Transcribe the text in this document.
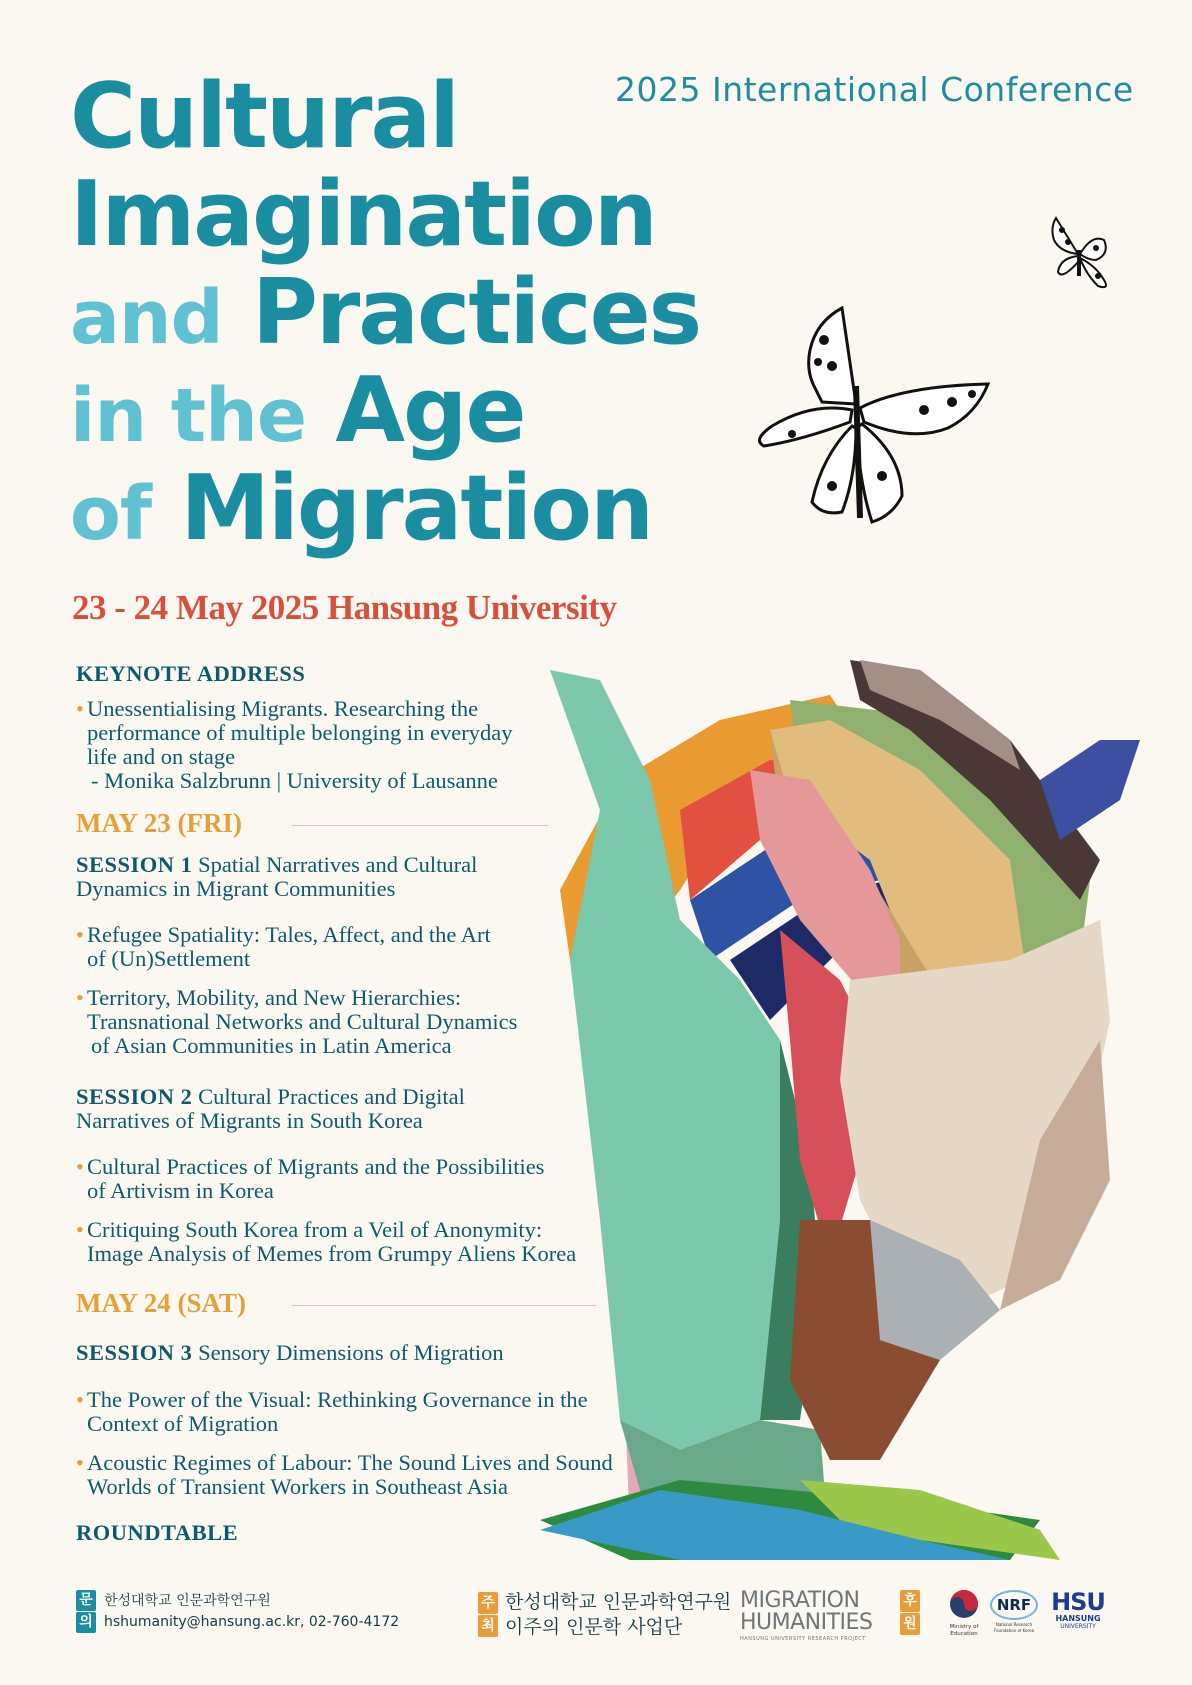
2025 International Conference
Cultural
Imagination
and Practices
in the Age
of Migration
23 - 24 May 2025 Hansung University
KEYNOTE ADDRESS
• Unessentialising Migrants. Researching the
performance of multiple belonging in everyday
life and on stage
- Monika Salzbrunn | University of Lausanne
MAY 23 (FRI)
SESSION 1 Spatial Narratives and Cultural
Dynamics in Migrant Communities
• Refugee Spatiality: Tales, Affect, and the Art
of (Un)Settlement
• Territory, Mobility, and New Hierarchies:
Transnational Networks and Cultural Dynamics
of Asian Communities in Latin America
SESSION 2 Cultural Practices and Digital
Narratives of Migrants in South Korea
• Cultural Practices of Migrants and the Possibilities
of Artivism in Korea
• Critiquing South Korea from a Veil of Anonymity:
Image Analysis of Memes from Grumpy Aliens Korea
MAY 24 (SAT)
SESSION 3 Sensory Dimensions of Migration
• The Power of the Visual: Rethinking Governance in the
Context of Migration
• Acoustic Regimes of Labour: The Sound Lives and Sound
Worlds of Transient Workers in Southeast Asia
ROUNDTABLE
문
의
한성대학교 인문과학연구원
hshumanity@hansung.ac.kr, 02-760-4172
주
최
한성대학교 인문과학연구원
이주의 인문학 사업단
MIGRATION
HUMANITIES
HANSUNG UNIVERSITY RESEARCH PROJECT
후
원	Ministry of
Education
NRF
National Research
Foundation of Korea
HSU
HANSUNG
UNIVERSITY
